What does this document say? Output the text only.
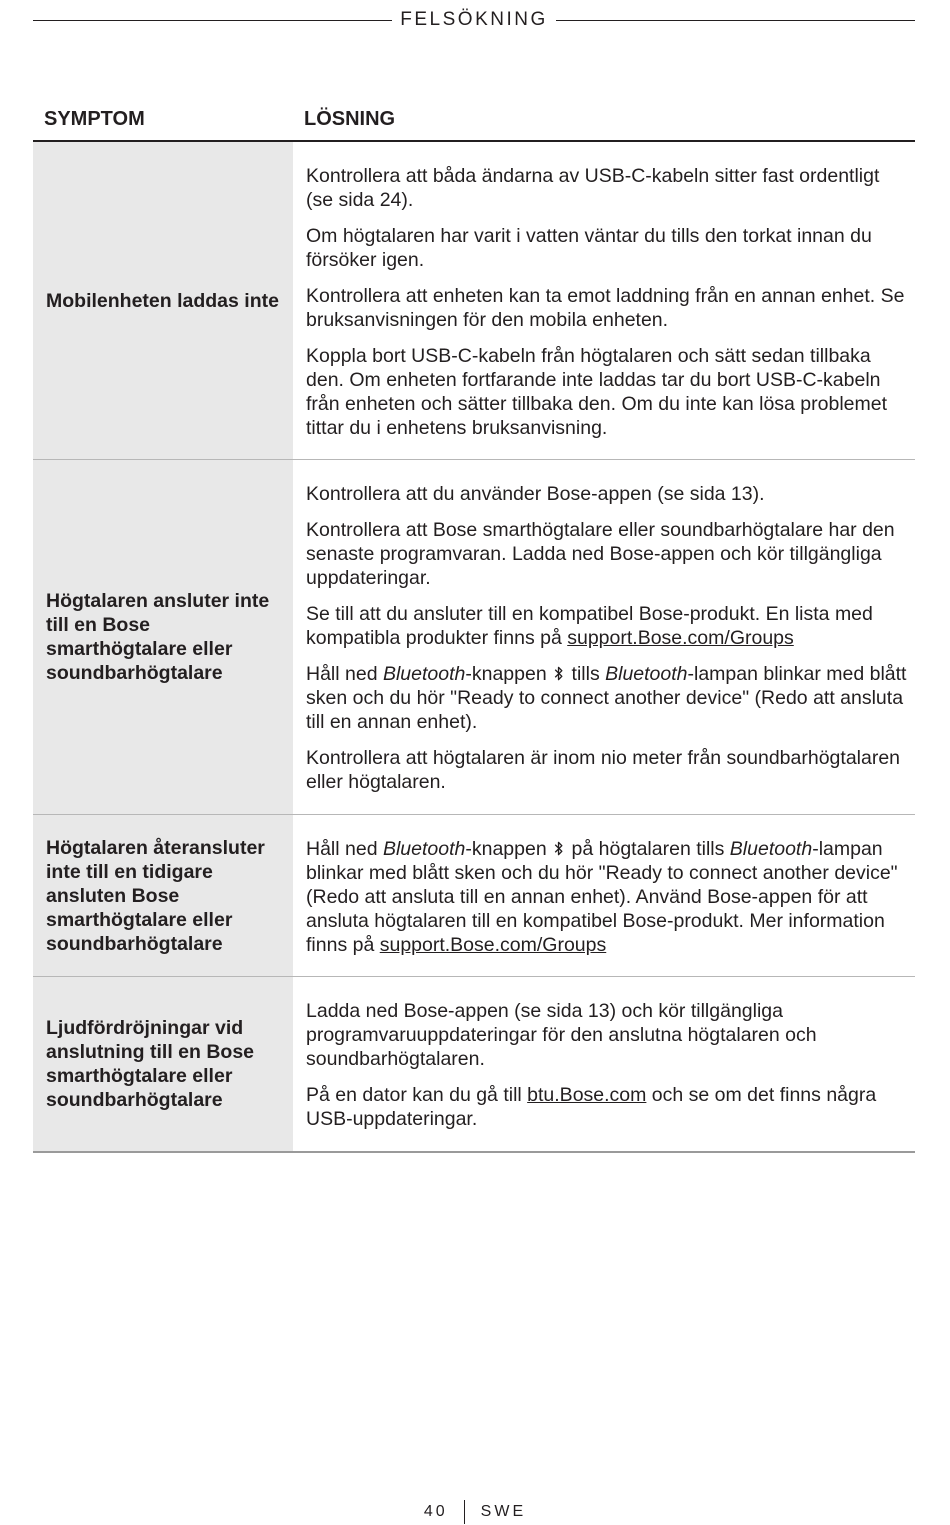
FELSÖKNING
SYMPTOM	LÖSNING
Mobilenheten laddas inte

Kontrollera att båda ändarna av USB-C-kabeln sitter fast ordentligt (se sida 24).

Om högtalaren har varit i vatten väntar du tills den torkat innan du försöker igen.

Kontrollera att enheten kan ta emot laddning från en annan enhet. Se bruksanvisningen för den mobila enheten.

Koppla bort USB-C-kabeln från högtalaren och sätt sedan tillbaka den. Om enheten fortfarande inte laddas tar du bort USB-C-kabeln från enheten och sätter tillbaka den. Om du inte kan lösa problemet tittar du i enhetens bruksanvisning.

Högtalaren ansluter inte till en Bose smarthögtalare eller soundbarhögtalare

Kontrollera att du använder Bose-appen (se sida 13).

Kontrollera att Bose smarthögtalare eller soundbarhögtalare har den senaste programvaran. Ladda ned Bose-appen och kör tillgängliga uppdateringar.

Se till att du ansluter till en kompatibel Bose-produkt. En lista med kompatibla produkter finns på support.Bose.com/Groups

Håll ned Bluetooth-knappen  tills Bluetooth-lampan blinkar med blått sken och du hör "Ready to connect another device" (Redo att ansluta till en annan enhet).

Kontrollera att högtalaren är inom nio meter från soundbarhögtalaren eller högtalaren.

Högtalaren återansluter inte till en tidigare ansluten Bose smarthögtalare eller soundbarhögtalare

Håll ned Bluetooth-knappen  på högtalaren tills Bluetooth-lampan blinkar med blått sken och du hör "Ready to connect another device" (Redo att ansluta till en annan enhet). Använd Bose-appen för att ansluta högtalaren till en kompatibel Bose-produkt. Mer information finns på support.Bose.com/Groups

Ljudfördröjningar vid anslutning till en Bose smarthögtalare eller soundbarhögtalare

Ladda ned Bose-appen (se sida 13) och kör tillgängliga programvaruuppdateringar för den anslutna högtalaren och soundbarhögtalaren.

På en dator kan du gå till btu.Bose.com och se om det finns några USB-uppdateringar.

40 SWE
